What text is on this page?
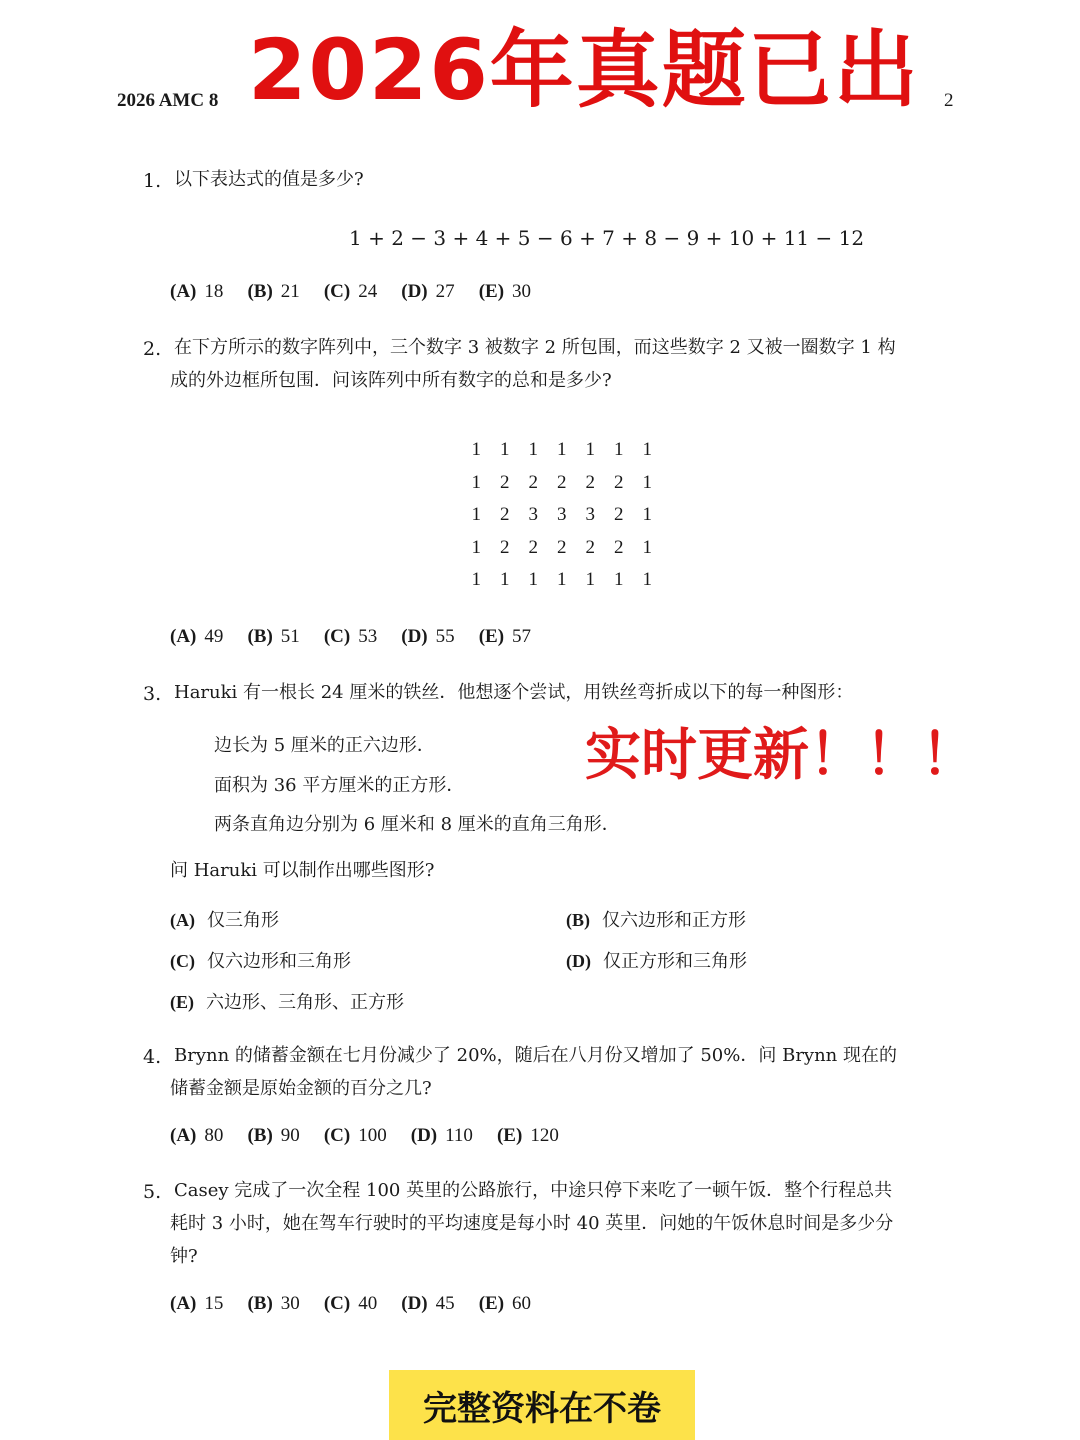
2026 AMC 8	2
2026年真题已出
1. 以下表达式的值是多少?
1 + 2 − 3 + 4 + 5 − 6 + 7 + 8 − 9 + 10 + 11 − 12
(A) 18 (B) 21 (C) 24 (D) 27 (E) 30
2. 在下方所示的数字阵列中，三个数字 3 被数字 2 所包围，而这些数字 2 又被一圈数字 1 构
成的外边框所包围．问该阵列中所有数字的总和是多少?
1	1	1	1	1	1	1
1	2	2	2	2	2	1
1	2	3	3	3	2	1
1	2	2	2	2	2	1
1	1	1	1	1	1	1
(A) 49 (B) 51 (C) 53 (D) 55 (E) 57
3. Haruki 有一根长 24 厘米的铁丝．他想逐个尝试，用铁丝弯折成以下的每一种图形：
边长为 5 厘米的正六边形．
面积为 36 平方厘米的正方形．
两条直角边分别为 6 厘米和 8 厘米的直角三角形．
实时更新！！！
问 Haruki 可以制作出哪些图形?
(A) 仅三角形	(B) 仅六边形和正方形
(C) 仅六边形和三角形	(D) 仅正方形和三角形
(E) 六边形、三角形、正方形
4. Brynn 的储蓄金额在七月份减少了 20%，随后在八月份又增加了 50%．问 Brynn 现在的
储蓄金额是原始金额的百分之几?
(A) 80 (B) 90 (C) 100 (D) 110 (E) 120
5. Casey 完成了一次全程 100 英里的公路旅行，中途只停下来吃了一顿午饭．整个行程总共
耗时 3 小时，她在驾车行驶时的平均速度是每小时 40 英里．问她的午饭休息时间是多少分
钟?
(A) 15 (B) 30 (C) 40 (D) 45 (E) 60
完整资料在不卷
